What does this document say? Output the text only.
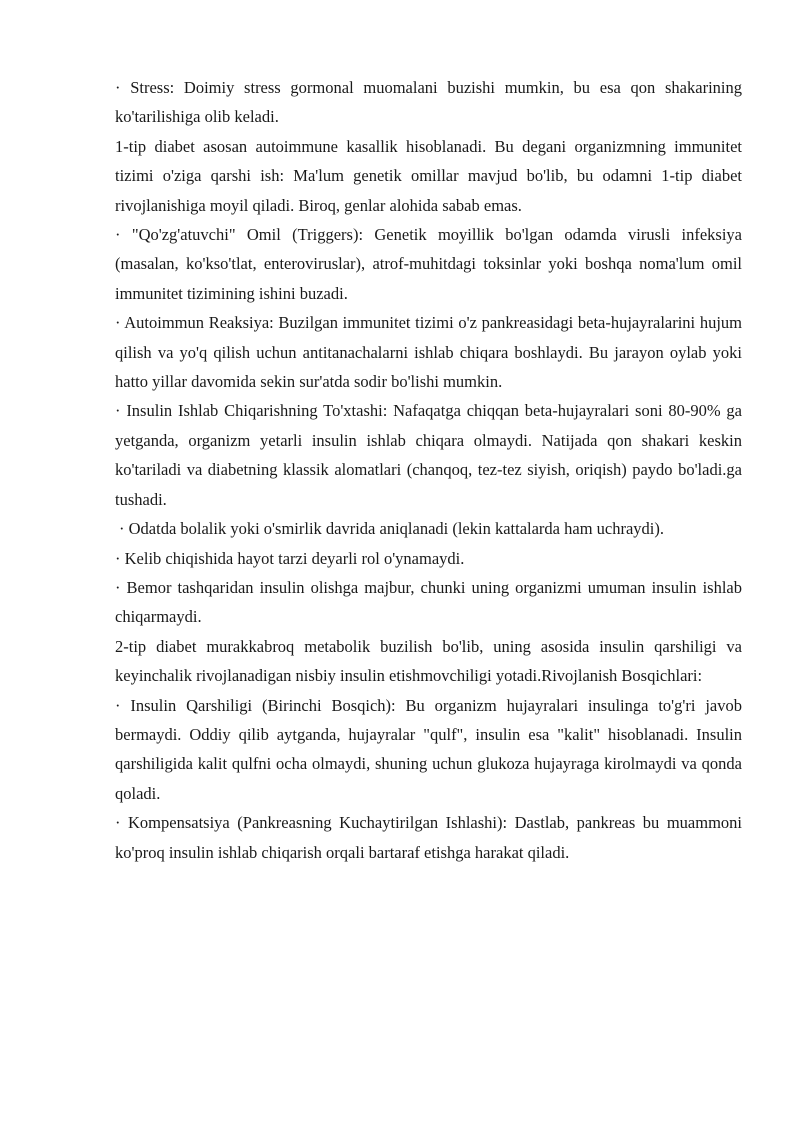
· Stress: Doimiy stress gormonal muomalani buzishi mumkin, bu esa qon shakarining ko'tarilishiga olib keladi.

1-tip diabet asosan autoimmune kasallik hisoblanadi. Bu degani organizmning immunitet tizimi o'ziga qarshi ish: Ma'lum genetik omillar mavjud bo'lib, bu odamni 1-tip diabet rivojlanishiga moyil qiladi. Biroq, genlar alohida sabab emas.

· "Qo'zg'atuvchi" Omil (Triggers): Genetik moyillik bo'lgan odamda virusli infeksiya (masalan, ko'kso'tlat, enteroviruslar), atrof-muhitdagi toksinlar yoki boshqa noma'lum omil immunitet tizimining ishini buzadi.

· Autoimmun Reaksiya: Buzilgan immunitet tizimi o'z pankreasidagi beta-hujayralarini hujum qilish va yo'q qilish uchun antitanachalarni ishlab chiqara boshlaydi. Bu jarayon oylab yoki hatto yillar davomida sekin sur'atda sodir bo'lishi mumkin.

· Insulin Ishlab Chiqarishning To'xtashi: Nafaqatga chiqqan beta-hujayralari soni 80-90% ga yetganda, organizm yetarli insulin ishlab chiqara olmaydi. Natijada qon shakari keskin ko'tariladi va diabetning klassik alomatlari (chanqoq, tez-tez siyish, oriqish) paydo bo'ladi.ga tushadi.

· Odatda bolalik yoki o'smirlik davrida aniqlanadi (lekin kattalarda ham uchraydi).

· Kelib chiqishida hayot tarzi deyarli rol o'ynamaydi.

· Bemor tashqaridan insulin olishga majbur, chunki uning organizmi umuman insulin ishlab chiqarmaydi.

2-tip diabet murakkabroq metabolik buzilish bo'lib, uning asosida insulin qarshiligi va keyinchalik rivojlanadigan nisbiy insulin etishmovchiligi yotadi.Rivojlanish Bosqichlari:

· Insulin Qarshiligi (Birinchi Bosqich): Bu organizm hujayralari insulinga to'g'ri javob bermaydi. Oddiy qilib aytganda, hujayralar "qulf", insulin esa "kalit" hisoblanadi. Insulin qarshiligida kalit qulfni ocha olmaydi, shuning uchun glukoza hujayraga kirolmaydi va qonda qoladi.

· Kompensatsiya (Pankreasning Kuchaytirilgan Ishlashi): Dastlab, pankreas bu muammoni ko'proq insulin ishlab chiqarish orqali bartaraf etishga harakat qiladi.
